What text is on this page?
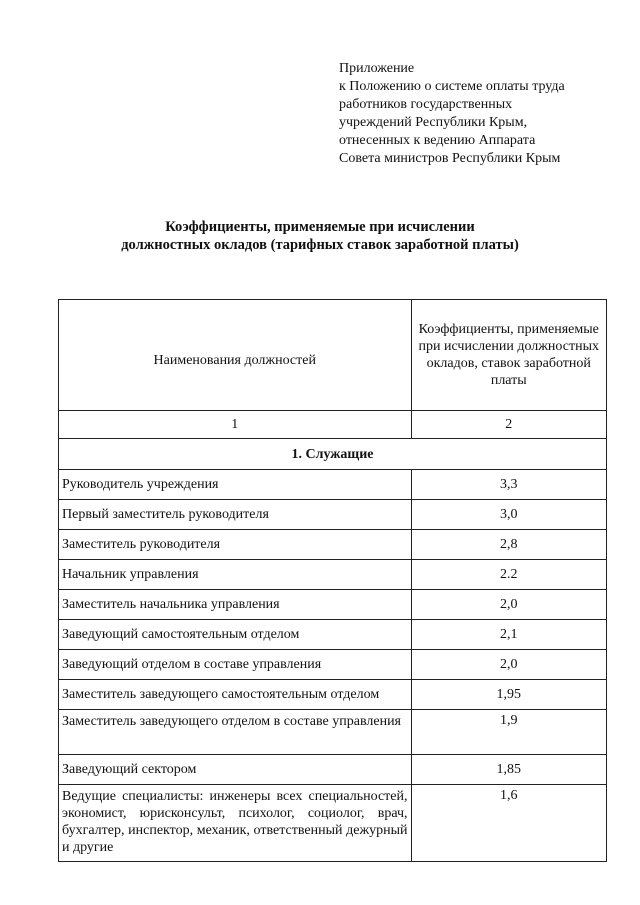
Приложение
к Положению о системе оплаты труда
работников государственных
учреждений Республики Крым,
отнесенных к ведению Аппарата
Совета министров Республики Крым
Коэффициенты, применяемые при исчислении
должностных окладов (тарифных ставок заработной платы)
Наименования должностей	Коэффициенты, применяемые при исчислении должностных окладов, ставок заработной платы
1	2
1. Служащие	
Руководитель учреждения	3,3
Первый заместитель руководителя	3,0
Заместитель руководителя	2,8
Начальник управления	2.2
Заместитель начальника управления	2,0
Заведующий самостоятельным отделом	2,1
Заведующий отделом в составе управления	2,0
Заместитель заведующего самостоятельным отделом	1,95
Заместитель заведующего отделом в составе управления	1,9
Заведующий сектором	1,85
Ведущие специалисты: инженеры всех специальностей, экономист, юрисконсульт, психолог, социолог, врач, бухгалтер, инспектор, механик, ответственный дежурный и другие	1,6
